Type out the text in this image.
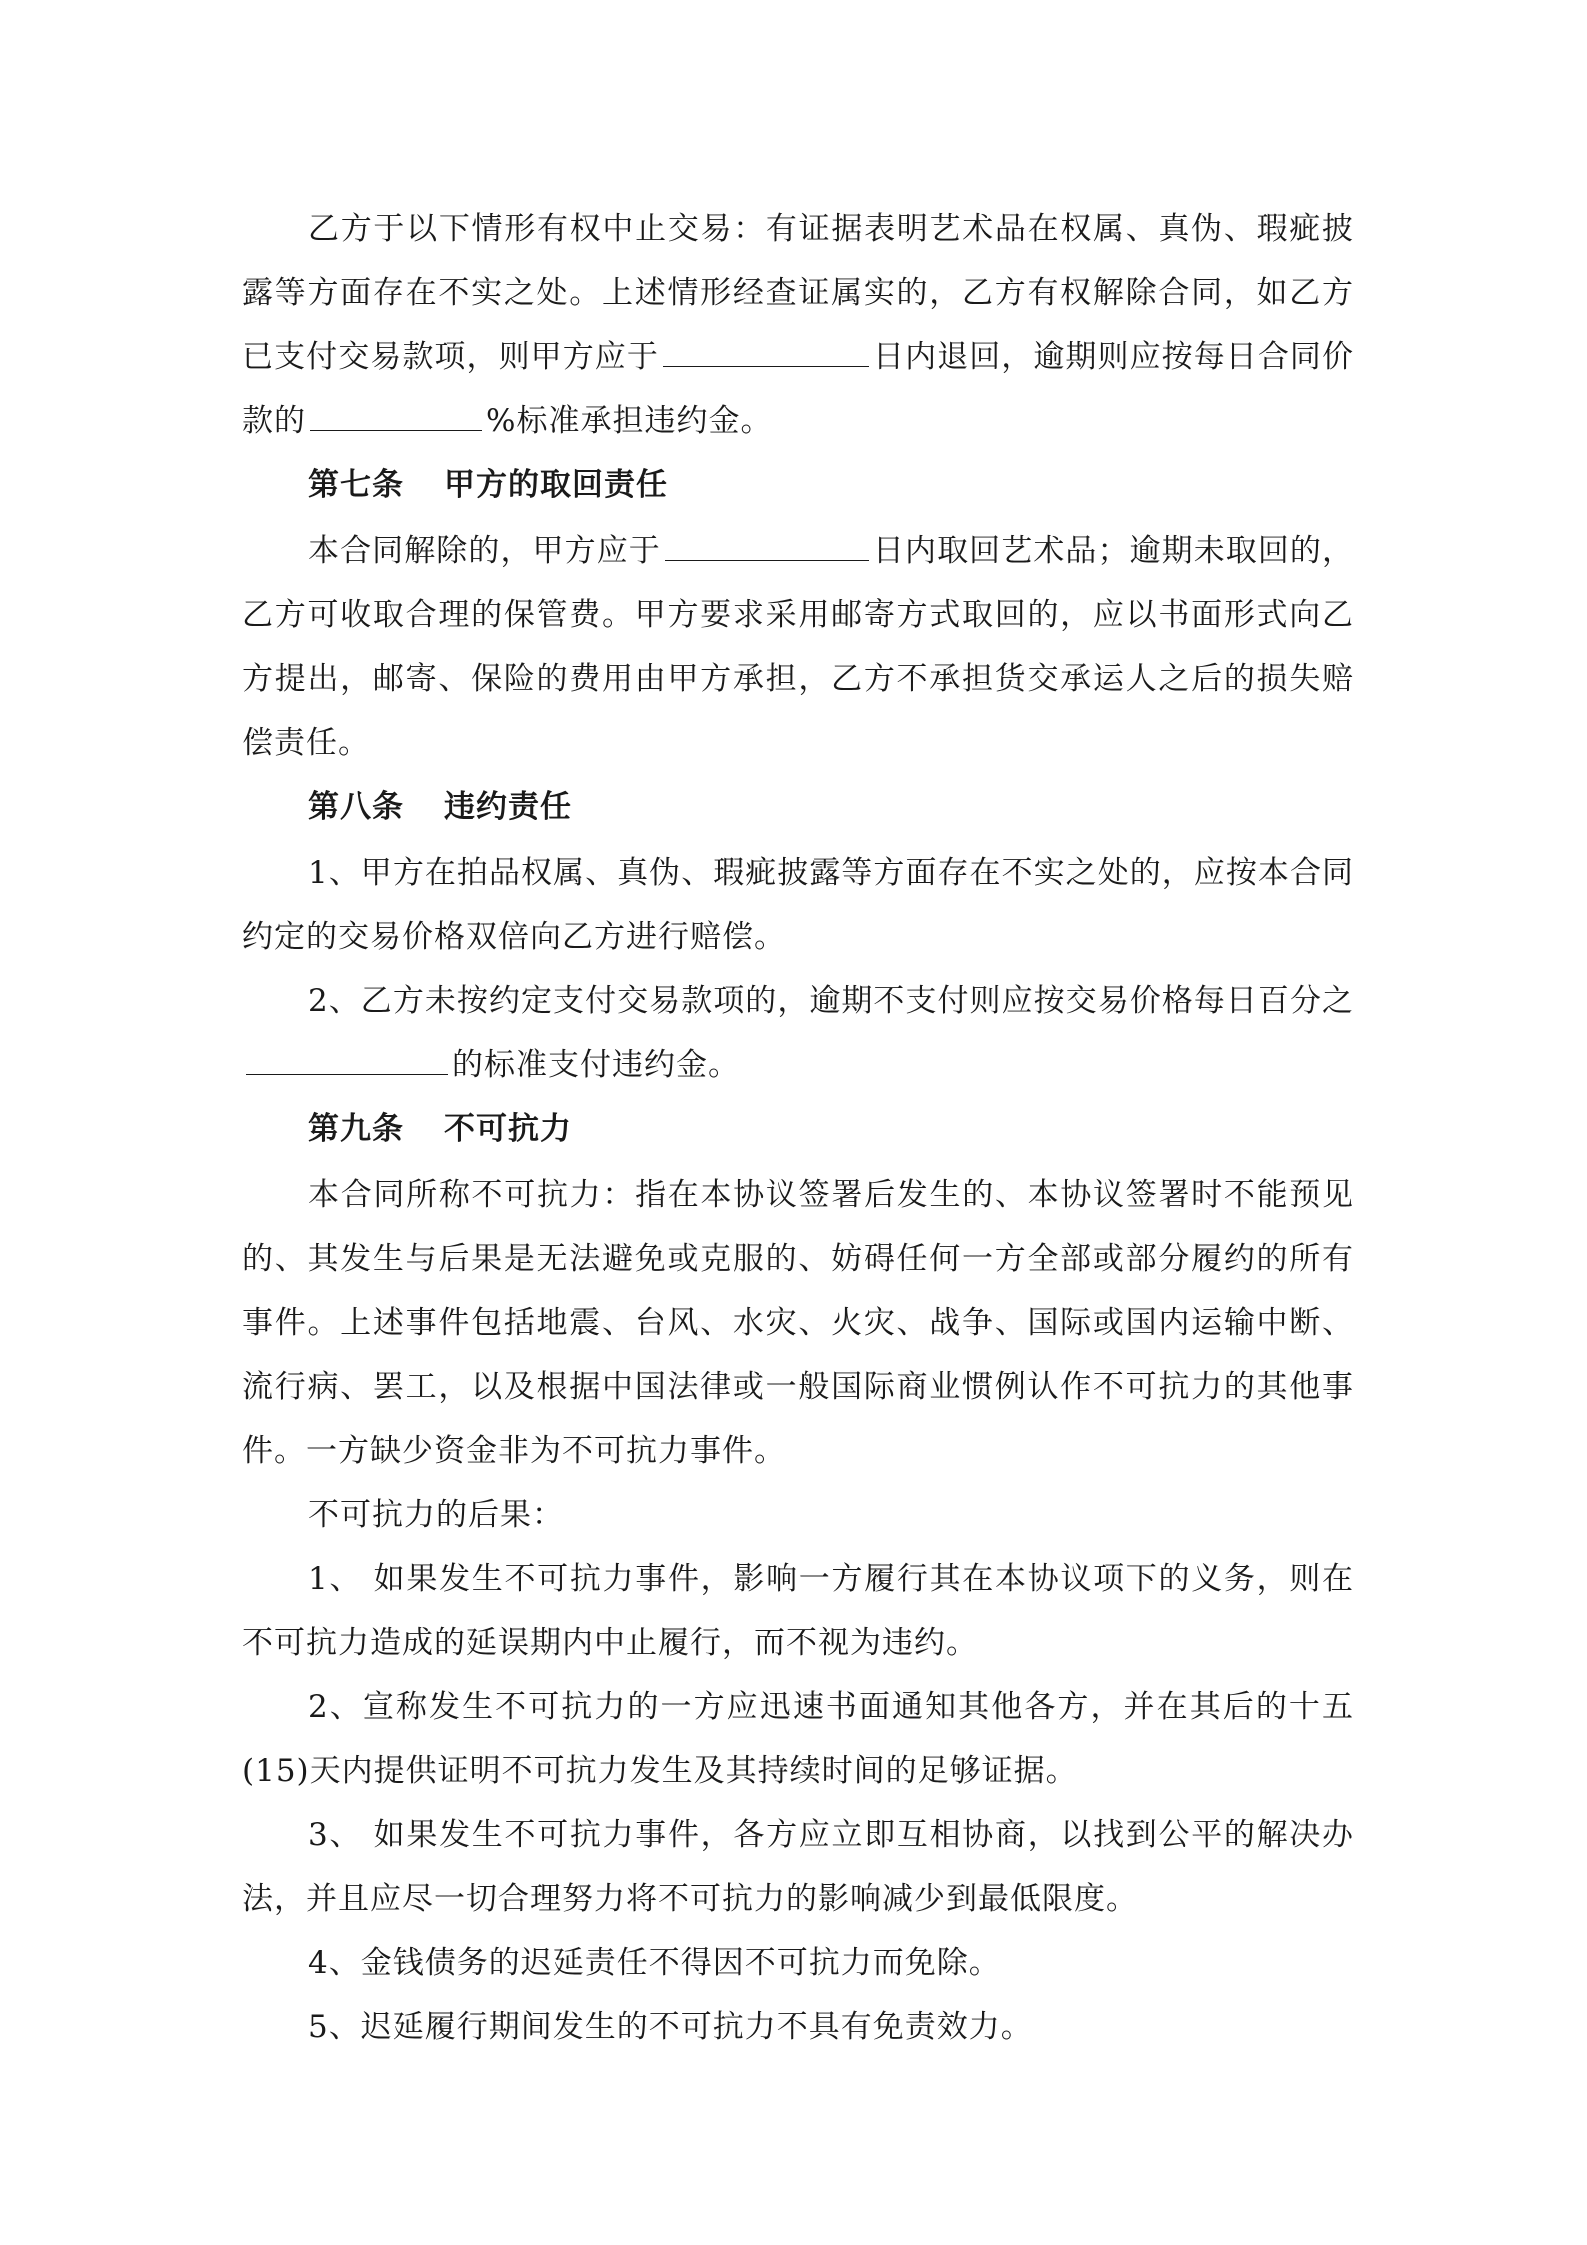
乙方于以下情形有权中止交易：有证据表明艺术品在权属、真伪、瑕疵披露等方面存在不实之处。上述情形经查证属实的，乙方有权解除合同，如乙方已支付交易款项，则甲方应于	日内退回，逾期则应按每日合同价款的	%标准承担违约金。

第七条 甲方的取回责任

本合同解除的，甲方应于	日内取回艺术品；逾期未取回的，乙方可收取合理的保管费。甲方要求采用邮寄方式取回的，应以书面形式向乙方提出，邮寄、保险的费用由甲方承担，乙方不承担货交承运人之后的损失赔偿责任。

第八条 违约责任

1、甲方在拍品权属、真伪、瑕疵披露等方面存在不实之处的，应按本合同约定的交易价格双倍向乙方进行赔偿。

2、乙方未按约定支付交易款项的，逾期不支付则应按交易价格每日百分之的标准支付违约金。

第九条 不可抗力

本合同所称不可抗力：指在本协议签署后发生的、本协议签署时不能预见的、其发生与后果是无法避免或克服的、妨碍任何一方全部或部分履约的所有事件。上述事件包括地震、台风、水灾、火灾、战争、国际或国内运输中断、流行病、罢工，以及根据中国法律或一般国际商业惯例认作不可抗力的其他事件。一方缺少资金非为不可抗力事件。

不可抗力的后果：

1、 如果发生不可抗力事件，影响一方履行其在本协议项下的义务，则在不可抗力造成的延误期内中止履行，而不视为违约。

2、宣称发生不可抗力的一方应迅速书面通知其他各方，并在其后的十五(15)天内提供证明不可抗力发生及其持续时间的足够证据。

3、 如果发生不可抗力事件，各方应立即互相协商，以找到公平的解决办法，并且应尽一切合理努力将不可抗力的影响减少到最低限度。

4、金钱债务的迟延责任不得因不可抗力而免除。

5、迟延履行期间发生的不可抗力不具有免责效力。
